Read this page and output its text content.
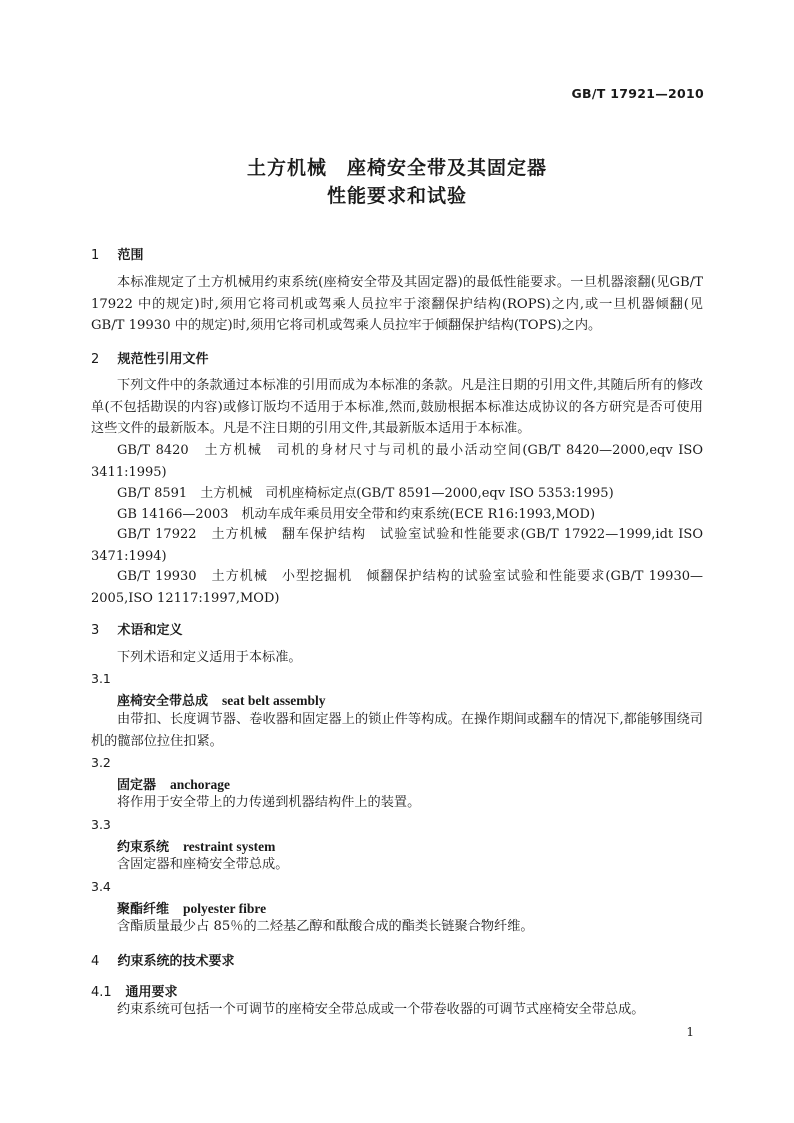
GB/T 17921—2010
土方机械　座椅安全带及其固定器
性能要求和试验
1 范围
本标准规定了土方机械用约束系统(座椅安全带及其固定器)的最低性能要求。一旦机器滚翻(见GB/T 17922 中的规定)时,须用它将司机或驾乘人员拉牢于滚翻保护结构(ROPS)之内,或一旦机器倾翻(见 GB/T 19930 中的规定)时,须用它将司机或驾乘人员拉牢于倾翻保护结构(TOPS)之内。
2 规范性引用文件
下列文件中的条款通过本标准的引用而成为本标准的条款。凡是注日期的引用文件,其随后所有的修改单(不包括勘误的内容)或修订版均不适用于本标准,然而,鼓励根据本标准达成协议的各方研究是否可使用这些文件的最新版本。凡是不注日期的引用文件,其最新版本适用于本标准。
GB/T 8420　土方机械　司机的身材尺寸与司机的最小活动空间(GB/T 8420—2000,eqv ISO 3411:1995)
GB/T 8591　土方机械　司机座椅标定点(GB/T 8591—2000,eqv ISO 5353:1995)
GB 14166—2003　机动车成年乘员用安全带和约束系统(ECE R16:1993,MOD)
GB/T 17922　土方机械　翻车保护结构　试验室试验和性能要求(GB/T 17922—1999,idt ISO 3471:1994)
GB/T 19930　土方机械　小型挖掘机　倾翻保护结构的试验室试验和性能要求(GB/T 19930—2005,ISO 12117:1997,MOD)
3 术语和定义
下列术语和定义适用于本标准。
3.1
座椅安全带总成 seat belt assembly
由带扣、长度调节器、卷收器和固定器上的锁止件等构成。在操作期间或翻车的情况下,都能够围绕司机的髋部位拉住扣紧。
3.2
固定器 anchorage
将作用于安全带上的力传递到机器结构件上的装置。
3.3
约束系统 restraint system
含固定器和座椅安全带总成。
3.4
聚酯纤维 polyester fibre
含酯质量最少占 85％的二烃基乙醇和酞酸合成的酯类长链聚合物纤维。
4 约束系统的技术要求
4.1 通用要求
约束系统可包括一个可调节的座椅安全带总成或一个带卷收器的可调节式座椅安全带总成。
1
